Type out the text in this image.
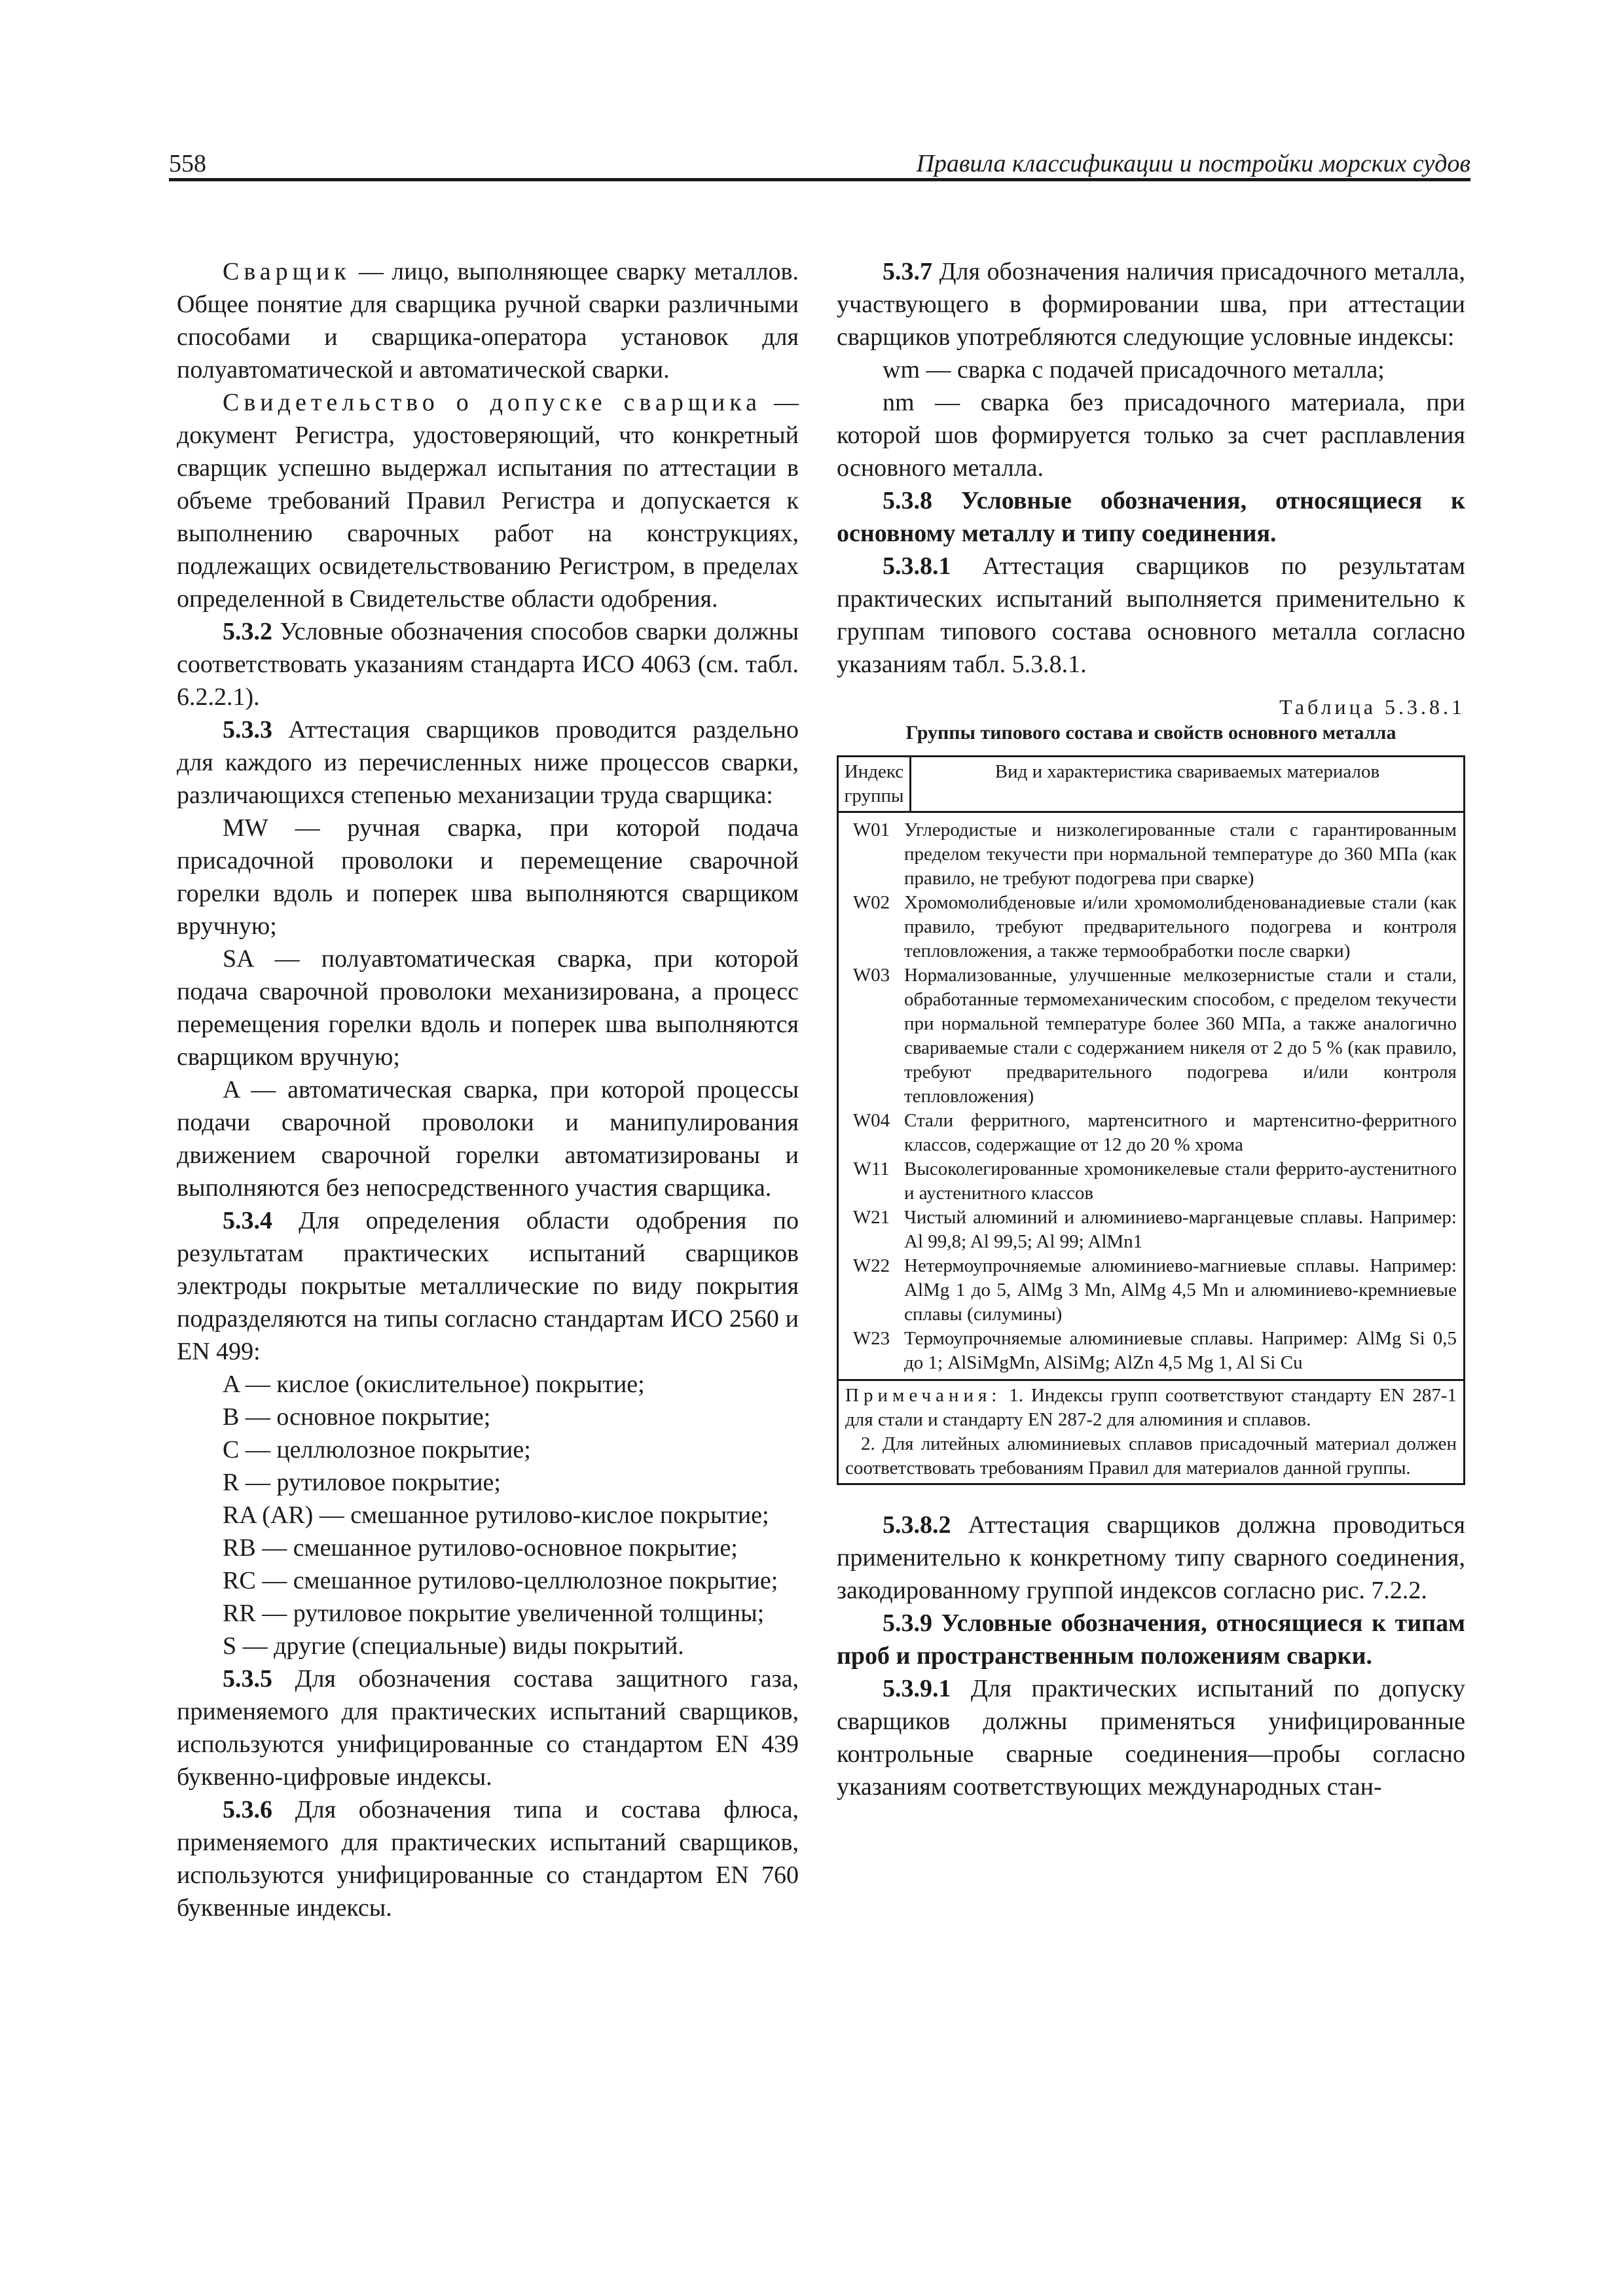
558	Правила классификации и постройки морских судов

Сварщик — лицо, выполняющее сварку металлов. Общее понятие для сварщика ручной сварки различными способами и сварщика-оператора установок для полуавтоматической и автоматической сварки.

Свидетельство о допуске сварщика — документ Регистра, удостоверяющий, что конкретный сварщик успешно выдержал испытания по аттестации в объеме требований Правил Регистра и допускается к выполнению сварочных работ на конструкциях, подлежащих освидетельствованию Регистром, в пределах определенной в Свидетельстве области одобрения.

5.3.2 Условные обозначения способов сварки должны соответствовать указаниям стандарта ИСО 4063 (см. табл. 6.2.2.1).

5.3.3 Аттестация сварщиков проводится раздельно для каждого из перечисленных ниже процессов сварки, различающихся степенью механизации труда сварщика:

MW — ручная сварка, при которой подача присадочной проволоки и перемещение сварочной горелки вдоль и поперек шва выполняются сварщиком вручную;

SA — полуавтоматическая сварка, при которой подача сварочной проволоки механизирована, а процесс перемещения горелки вдоль и поперек шва выполняются сварщиком вручную;

A — автоматическая сварка, при которой процессы подачи сварочной проволоки и манипулирования движением сварочной горелки автоматизированы и выполняются без непосредственного участия сварщика.

5.3.4 Для определения области одобрения по результатам практических испытаний сварщиков электроды покрытые металлические по виду покрытия подразделяются на типы согласно стандартам ИСО 2560 и EN 499:

A — кислое (окислительное) покрытие;

B — основное покрытие;

C — целлюлозное покрытие;

R — рутиловое покрытие;

RA (AR) — смешанное рутилово-кислое покрытие;

RB — смешанное рутилово-основное покрытие;

RC — смешанное рутилово-целлюлозное покрытие;

RR — рутиловое покрытие увеличенной толщины;

S — другие (специальные) виды покрытий.

5.3.5 Для обозначения состава защитного газа, применяемого для практических испытаний сварщиков, используются унифицированные со стандартом EN 439 буквенно-цифровые индексы.

5.3.6 Для обозначения типа и состава флюса, применяемого для практических испытаний сварщиков, используются унифицированные со стандартом EN 760 буквенные индексы.

5.3.7 Для обозначения наличия присадочного металла, участвующего в формировании шва, при аттестации сварщиков употребляются следующие условные индексы:

wm — сварка с подачей присадочного металла;

nm — сварка без присадочного материала, при которой шов формируется только за счет расплавления основного металла.

5.3.8 Условные обозначения, относящиеся к основному металлу и типу соединения.

5.3.8.1 Аттестация сварщиков по результатам практических испытаний выполняется применительно к группам типового состава основного металла согласно указаниям табл. 5.3.8.1.

Таблица 5.3.8.1
Группы типового состава и свойств основного металла
Индекс группы	Вид и характеристика свариваемых материалов

W01 Углеродистые и низколегированные стали с гарантированным пределом текучести при нормальной температуре до 360 МПа (как правило, не требуют подогрева при сварке)
W02 Хромомолибденовые и/или хромомолибденованадиевые стали (как правило, требуют предварительного подогрева и контроля тепловложения, а также термообработки после сварки)
W03 Нормализованные, улучшенные мелкозернистые стали и стали, обработанные термомеханическим способом, с пределом текучести при нормальной температуре более 360 МПа, а также аналогично свариваемые стали с содержанием никеля от 2 до 5 % (как правило, требуют предварительного подогрева и/или контроля тепловложения)
W04 Стали ферритного, мартенситного и мартенситно-ферритного классов, содержащие от 12 до 20 % хрома
W11 Высоколегированные хромоникелевые стали феррито-аустенитного и аустенитного классов
W21 Чистый алюминий и алюминиево-марганцевые сплавы. Например: Al 99,8; Al 99,5; Al 99; AlMn1
W22 Нетермоупрочняемые алюминиево-магниевые сплавы. Например: AlMg 1 до 5, AlMg 3 Mn, AlMg 4,5 Mn и алюминиево-кремниевые сплавы (силумины)
W23 Термоупрочняемые алюминиевые сплавы. Например: AlMg Si 0,5 до 1; AlSiMgMn, AlSiMg; AlZn 4,5 Mg 1, Al Si Cu

Примечания: 1. Индексы групп соответствуют стандарту EN 287-1 для стали и стандарту EN 287-2 для алюминия и сплавов.

2. Для литейных алюминиевых сплавов присадочный материал должен соответствовать требованиям Правил для материалов данной группы.

5.3.8.2 Аттестация сварщиков должна проводиться применительно к конкретному типу сварного соединения, закодированному группой индексов согласно рис. 7.2.2.

5.3.9 Условные обозначения, относящиеся к типам проб и пространственным положениям сварки.

5.3.9.1 Для практических испытаний по допуску сварщиков должны применяться унифицированные контрольные сварные соединения—пробы согласно указаниям соответствующих международных стан-
